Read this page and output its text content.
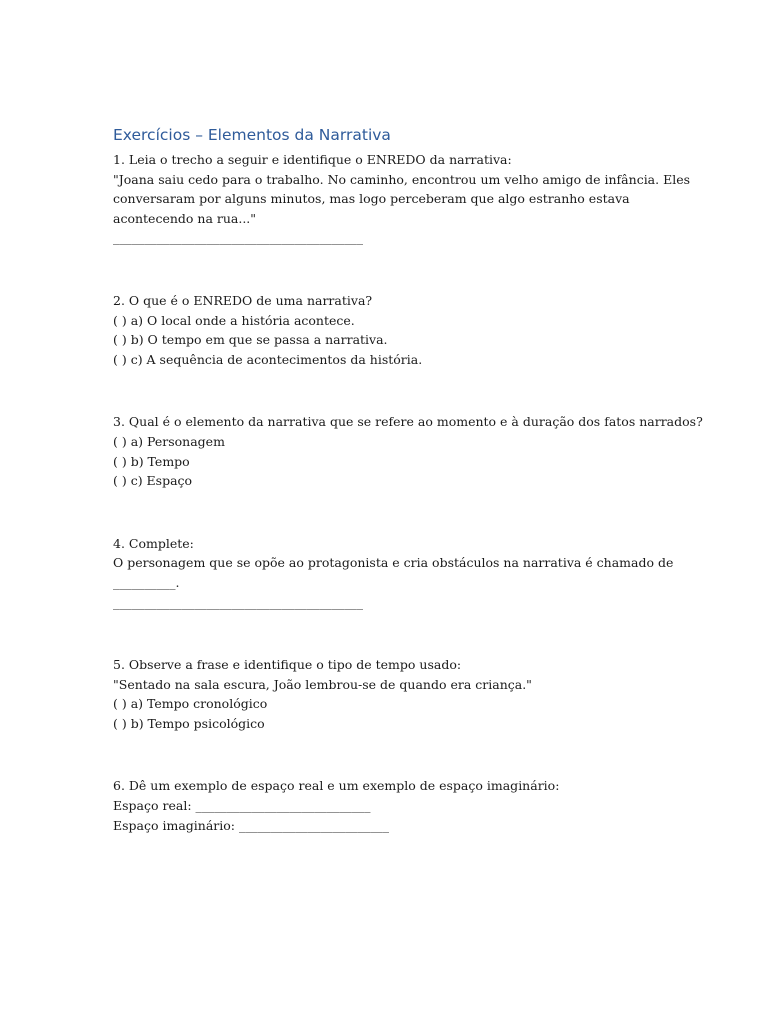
Exercícios – Elementos da Narrativa
1. Leia o trecho a seguir e identifique o ENREDO da narrativa:
"Joana saiu cedo para o trabalho. No caminho, encontrou um velho amigo de infância. Eles
conversaram por alguns minutos, mas logo perceberam que algo estranho estava
acontecendo na rua..."
________________________________________
2. O que é o ENREDO de uma narrativa?
( ) a) O local onde a história acontece.
( ) b) O tempo em que se passa a narrativa.
( ) c) A sequência de acontecimentos da história.
3. Qual é o elemento da narrativa que se refere ao momento e à duração dos fatos narrados?
( ) a) Personagem
( ) b) Tempo
( ) c) Espaço
4. Complete:
O personagem que se opõe ao protagonista e cria obstáculos na narrativa é chamado de
__________.
________________________________________
5. Observe a frase e identifique o tipo de tempo usado:
"Sentado na sala escura, João lembrou-se de quando era criança."
( ) a) Tempo cronológico
( ) b) Tempo psicológico
6. Dê um exemplo de espaço real e um exemplo de espaço imaginário:
Espaço real: ____________________________
Espaço imaginário: ________________________
